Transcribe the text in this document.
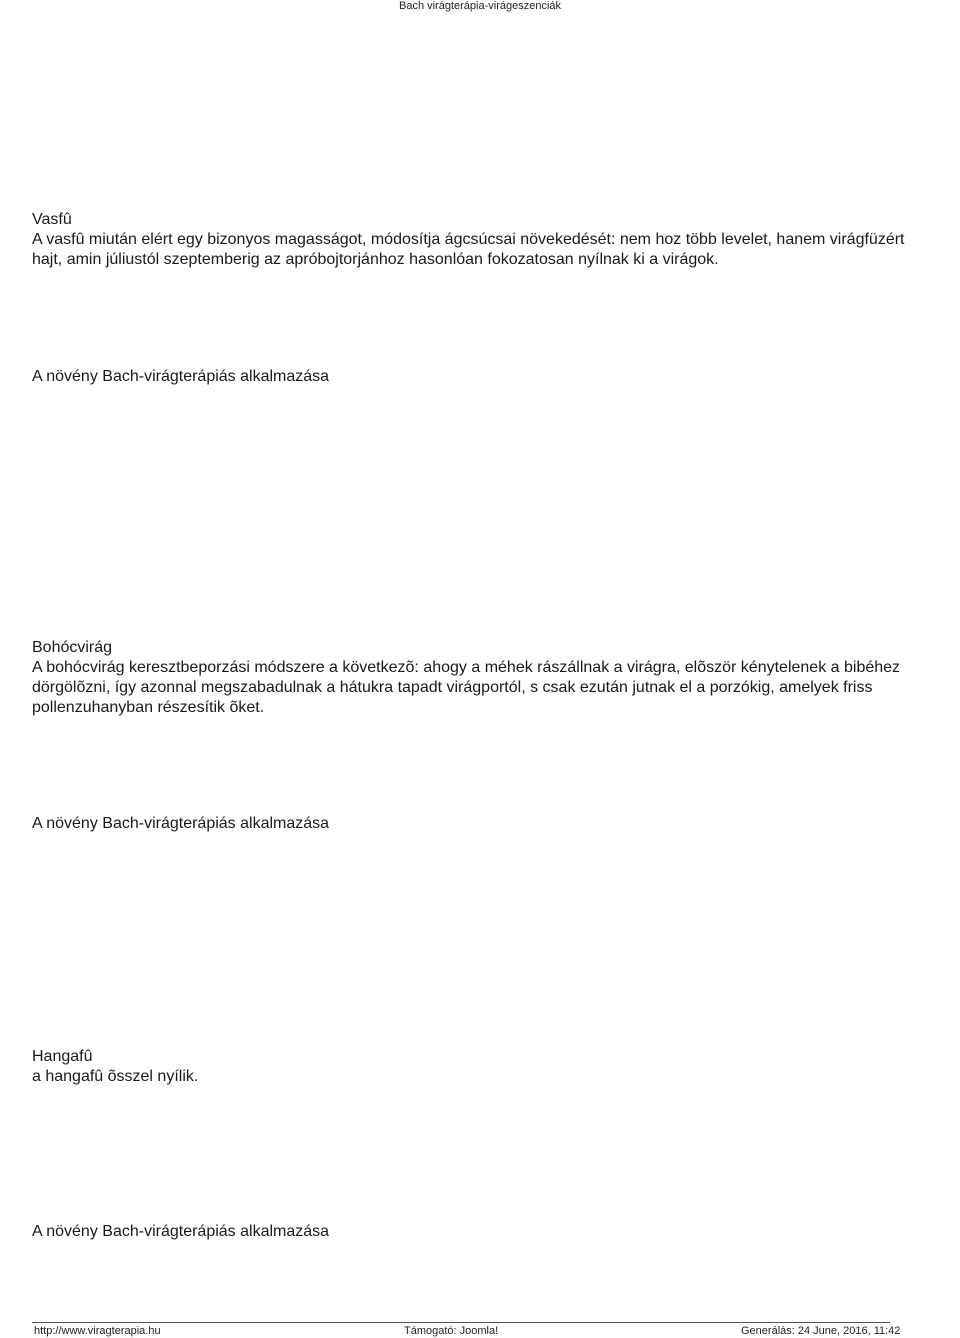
Bach virágterápia-virágeszenciák

Vasfû

A vasfû miután elért egy bizonyos magasságot, módosítja ágcsúcsai növekedését: nem hoz több levelet, hanem virágfüzért hajt, amin júliustól szeptemberig az apróbojtorjánhoz hasonlóan fokozatosan nyílnak ki a virágok.

A növény Bach-virágterápiás alkalmazása

Bohócvirág

A bohócvirág keresztbeporzási módszere a következõ: ahogy a méhek rászállnak a virágra, elõször kénytelenek a bibéhez dörgölõzni, így azonnal megszabadulnak a hátukra tapadt virágportól, s csak ezután jutnak el a porzókig, amelyek friss pollenzuhanyban részesítik õket.

A növény Bach-virágterápiás alkalmazása

Hangafû

a hangafû õsszel nyílik.

A növény Bach-virágterápiás alkalmazása

http://www.viragterapia.hu	Támogató: Joomla!	Generálás: 24 June, 2016, 11:42
